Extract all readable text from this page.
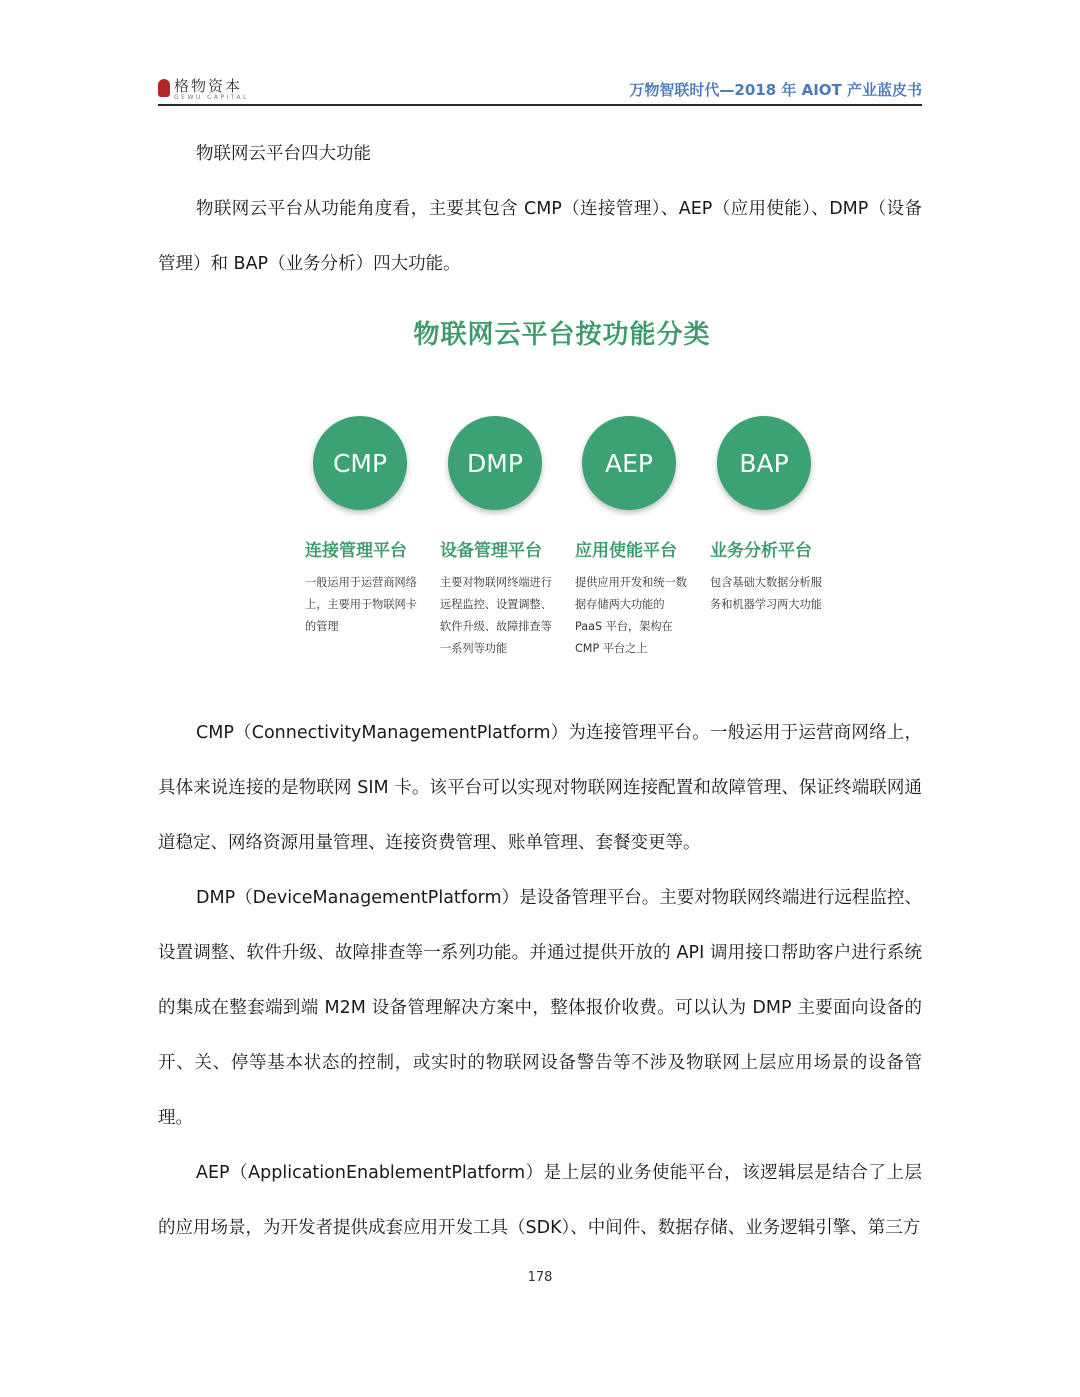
格物资本
GEWU CAPITAL	万物智联时代—2018 年 AIOT 产业蓝皮书

物联网云平台四大功能

物联网云平台从功能角度看，主要其包含 CMP（连接管理）、AEP（应用使能）、DMP（设备管理）和 BAP（业务分析）四大功能。

物联网云平台按功能分类
CMP	DMP	AEP	BAP
连接管理平台	设备管理平台	应用使能平台	业务分析平台
一般运用于运营商网络上，主要用于物联网卡的管理
主要对物联网终端进行远程监控、设置调整、软件升级、故障排查等一系列等功能
提供应用开发和统一数据存储两大功能的PaaS 平台，架构在 CMP 平台之上
包含基础大数据分析服务和机器学习两大功能

CMP（ConnectivityManagementPlatform）为连接管理平台。一般运用于运营商网络上，具体来说连接的是物联网 SIM 卡。该平台可以实现对物联网连接配置和故障管理、保证终端联网通道稳定、网络资源用量管理、连接资费管理、账单管理、套餐变更等。

DMP（DeviceManagementPlatform）是设备管理平台。主要对物联网终端进行远程监控、设置调整、软件升级、故障排查等一系列功能。并通过提供开放的 API 调用接口帮助客户进行系统的集成在整套端到端 M2M 设备管理解决方案中，整体报价收费。可以认为 DMP 主要面向设备的开、关、停等基本状态的控制，或实时的物联网设备警告等不涉及物联网上层应用场景的设备管理。

AEP（ApplicationEnablementPlatform）是上层的业务使能平台，该逻辑层是结合了上层的应用场景，为开发者提供成套应用开发工具（SDK）、中间件、数据存储、业务逻辑引擎、第三方

178
